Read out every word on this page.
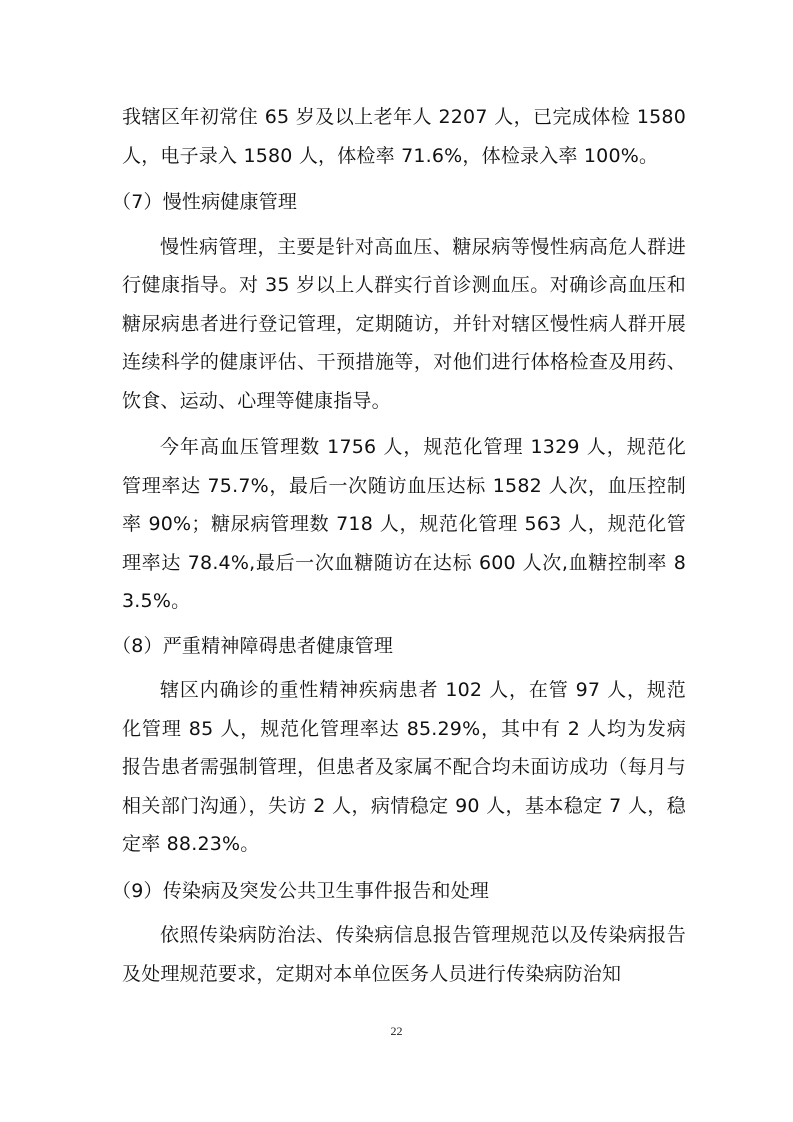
我辖区年初常住 65 岁及以上老年人 2207 人，已完成体检 1580 人，电子录入 1580 人，体检率 71.6%，体检录入率 100%。

（7）慢性病健康管理

慢性病管理，主要是针对高血压、糖尿病等慢性病高危人群进行健康指导。对 35 岁以上人群实行首诊测血压。对确诊高血压和糖尿病患者进行登记管理，定期随访，并针对辖区慢性病人群开展连续科学的健康评估、干预措施等，对他们进行体格检查及用药、饮食、运动、心理等健康指导。

今年高血压管理数 1756 人，规范化管理 1329 人，规范化管理率达 75.7%，最后一次随访血压达标 1582 人次，血压控制率 90%；糖尿病管理数 718 人，规范化管理 563 人，规范化管理率达 78.4%,最后一次血糖随访在达标 600 人次,血糖控制率 83.5%。

（8）严重精神障碍患者健康管理

辖区内确诊的重性精神疾病患者 102 人，在管 97 人，规范化管理 85 人，规范化管理率达 85.29%，其中有 2 人均为发病报告患者需强制管理，但患者及家属不配合均未面访成功（每月与相关部门沟通），失访 2 人，病情稳定 90 人，基本稳定 7 人，稳定率 88.23%。

（9）传染病及突发公共卫生事件报告和处理

依照传染病防治法、传染病信息报告管理规范以及传染病报告及处理规范要求，定期对本单位医务人员进行传染病防治知

22
